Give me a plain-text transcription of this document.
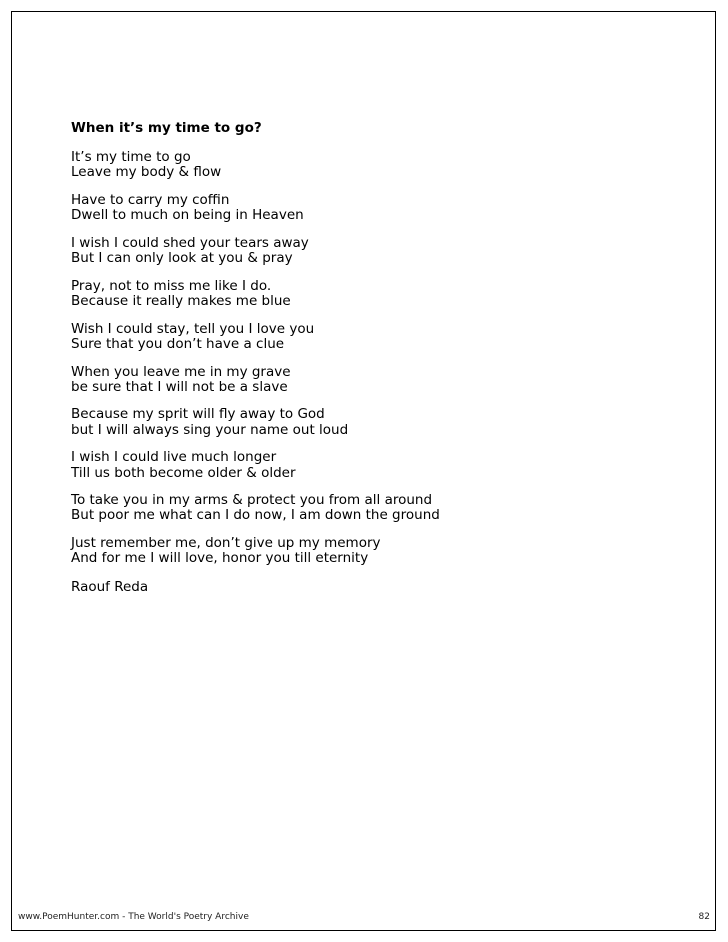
When it’s my time to go?
It’s my time to go
Leave my body & flow
Have to carry my coffin
Dwell to much on being in Heaven
I wish I could shed your tears away
But I can only look at you & pray
Pray, not to miss me like I do.
Because it really makes me blue
Wish I could stay, tell you I love you
Sure that you don’t have a clue
When you leave me in my grave
be sure that I will not be a slave
Because my sprit will fly away to God
but I will always sing your name out loud
I wish I could live much longer
Till us both become older & older
To take you in my arms & protect you from all around
But poor me what can I do now, I am down the ground
Just remember me, don’t give up my memory
And for me I will love, honor you till eternity
Raouf Reda
www.PoemHunter.com - The World's Poetry Archive	82
